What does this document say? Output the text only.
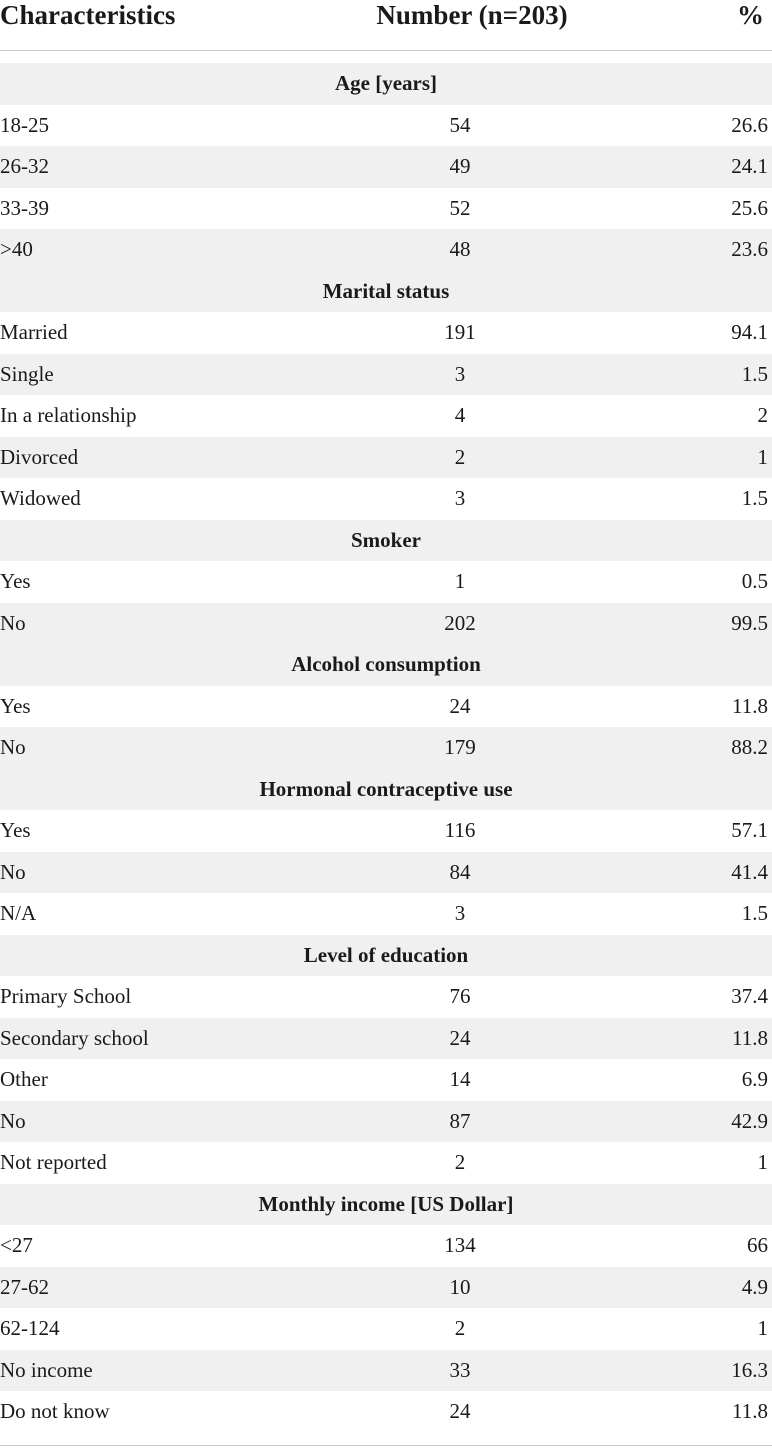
Characteristics	Number (n=203)	%
Age [years]
18-25	54	26.6
26-32	49	24.1
33-39	52	25.6
>40	48	23.6
Marital status
Married	191	94.1
Single	3	1.5
In a relationship	4	2
Divorced	2	1
Widowed	3	1.5
Smoker
Yes	1	0.5
No	202	99.5
Alcohol consumption
Yes	24	11.8
No	179	88.2
Hormonal contraceptive use
Yes	116	57.1
No	84	41.4
N/A	3	1.5
Level of education
Primary School	76	37.4
Secondary school	24	11.8
Other	14	6.9
No	87	42.9
Not reported	2	1
Monthly income [US Dollar]
<27	134	66
27-62	10	4.9
62-124	2	1
No income	33	16.3
Do not know	24	11.8
